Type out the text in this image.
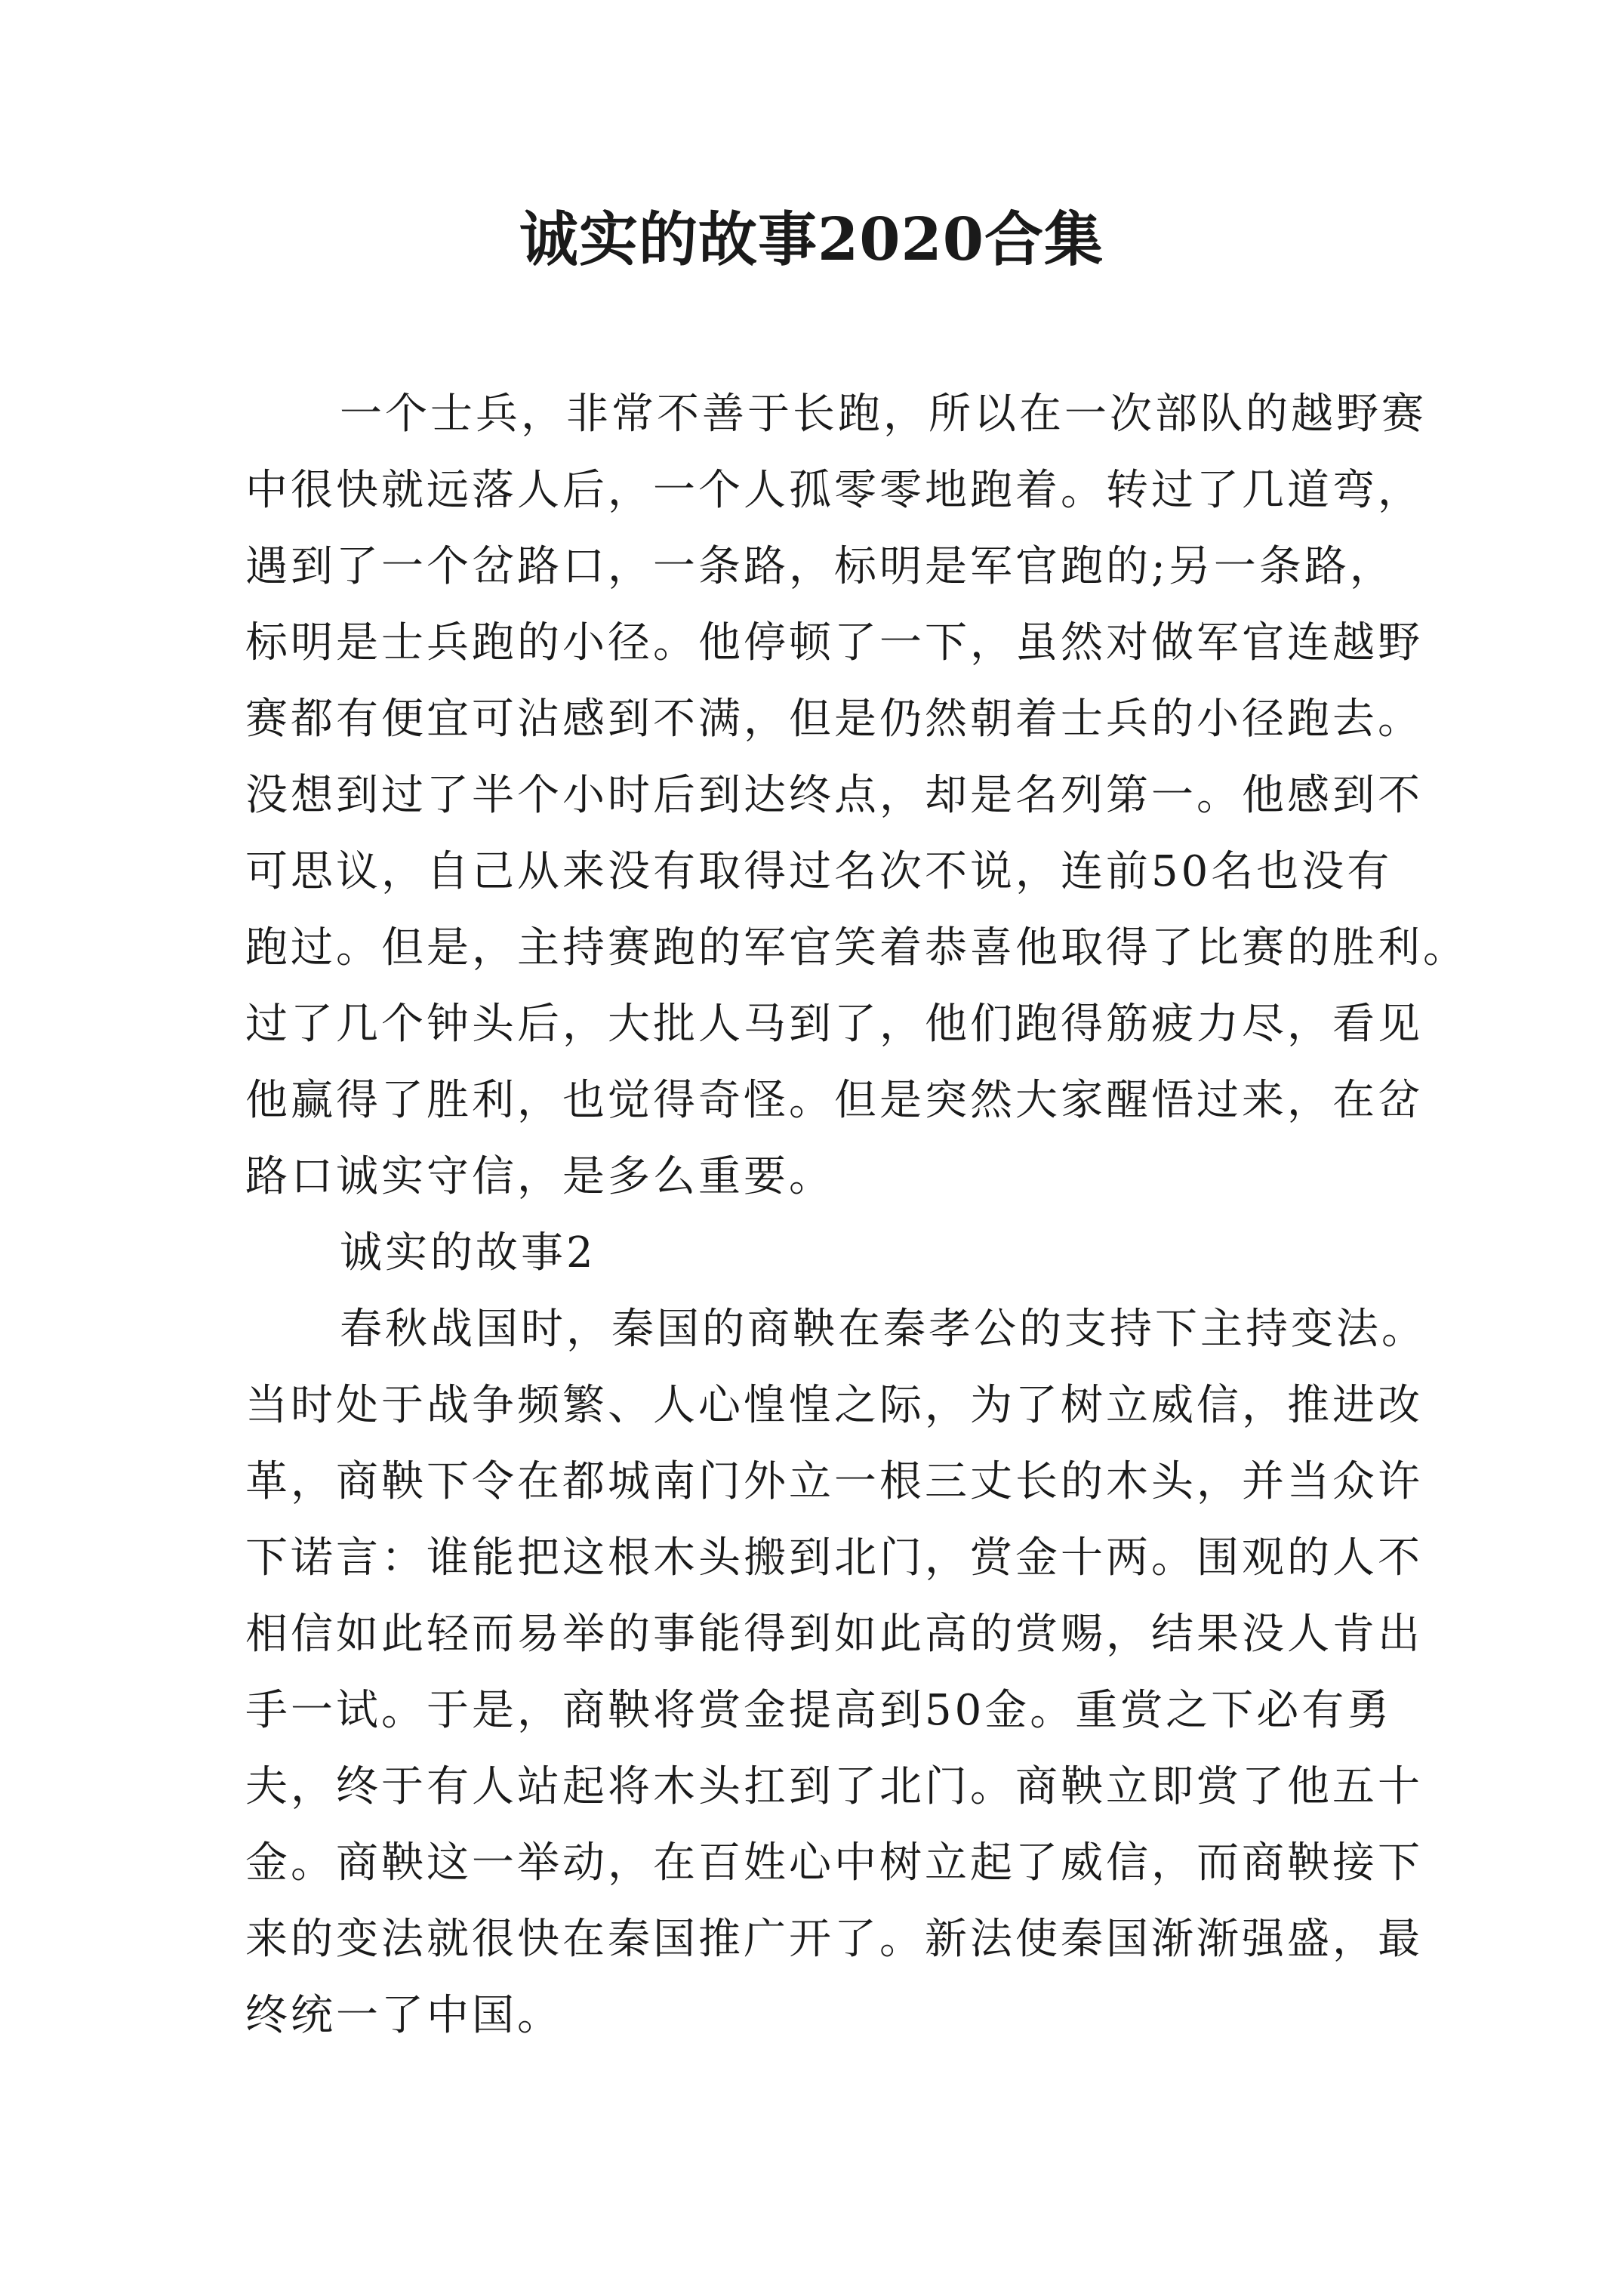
诚实的故事2020合集
一个士兵，非常不善于长跑，所以在一次部队的越野赛
中很快就远落人后，一个人孤零零地跑着。转过了几道弯，
遇到了一个岔路口，一条路，标明是军官跑的;另一条路，
标明是士兵跑的小径。他停顿了一下，虽然对做军官连越野
赛都有便宜可沾感到不满，但是仍然朝着士兵的小径跑去。
没想到过了半个小时后到达终点，却是名列第一。他感到不
可思议，自己从来没有取得过名次不说，连前50名也没有
跑过。但是，主持赛跑的军官笑着恭喜他取得了比赛的胜利。
过了几个钟头后，大批人马到了，他们跑得筋疲力尽，看见
他赢得了胜利，也觉得奇怪。但是突然大家醒悟过来，在岔
路口诚实守信，是多么重要。
诚实的故事2
春秋战国时，秦国的商鞅在秦孝公的支持下主持变法。
当时处于战争频繁、人心惶惶之际，为了树立威信，推进改
革，商鞅下令在都城南门外立一根三丈长的木头，并当众许
下诺言：谁能把这根木头搬到北门，赏金十两。围观的人不
相信如此轻而易举的事能得到如此高的赏赐，结果没人肯出
手一试。于是，商鞅将赏金提高到50金。重赏之下必有勇
夫，终于有人站起将木头扛到了北门。商鞅立即赏了他五十
金。商鞅这一举动，在百姓心中树立起了威信，而商鞅接下
来的变法就很快在秦国推广开了。新法使秦国渐渐强盛，最
终统一了中国。
